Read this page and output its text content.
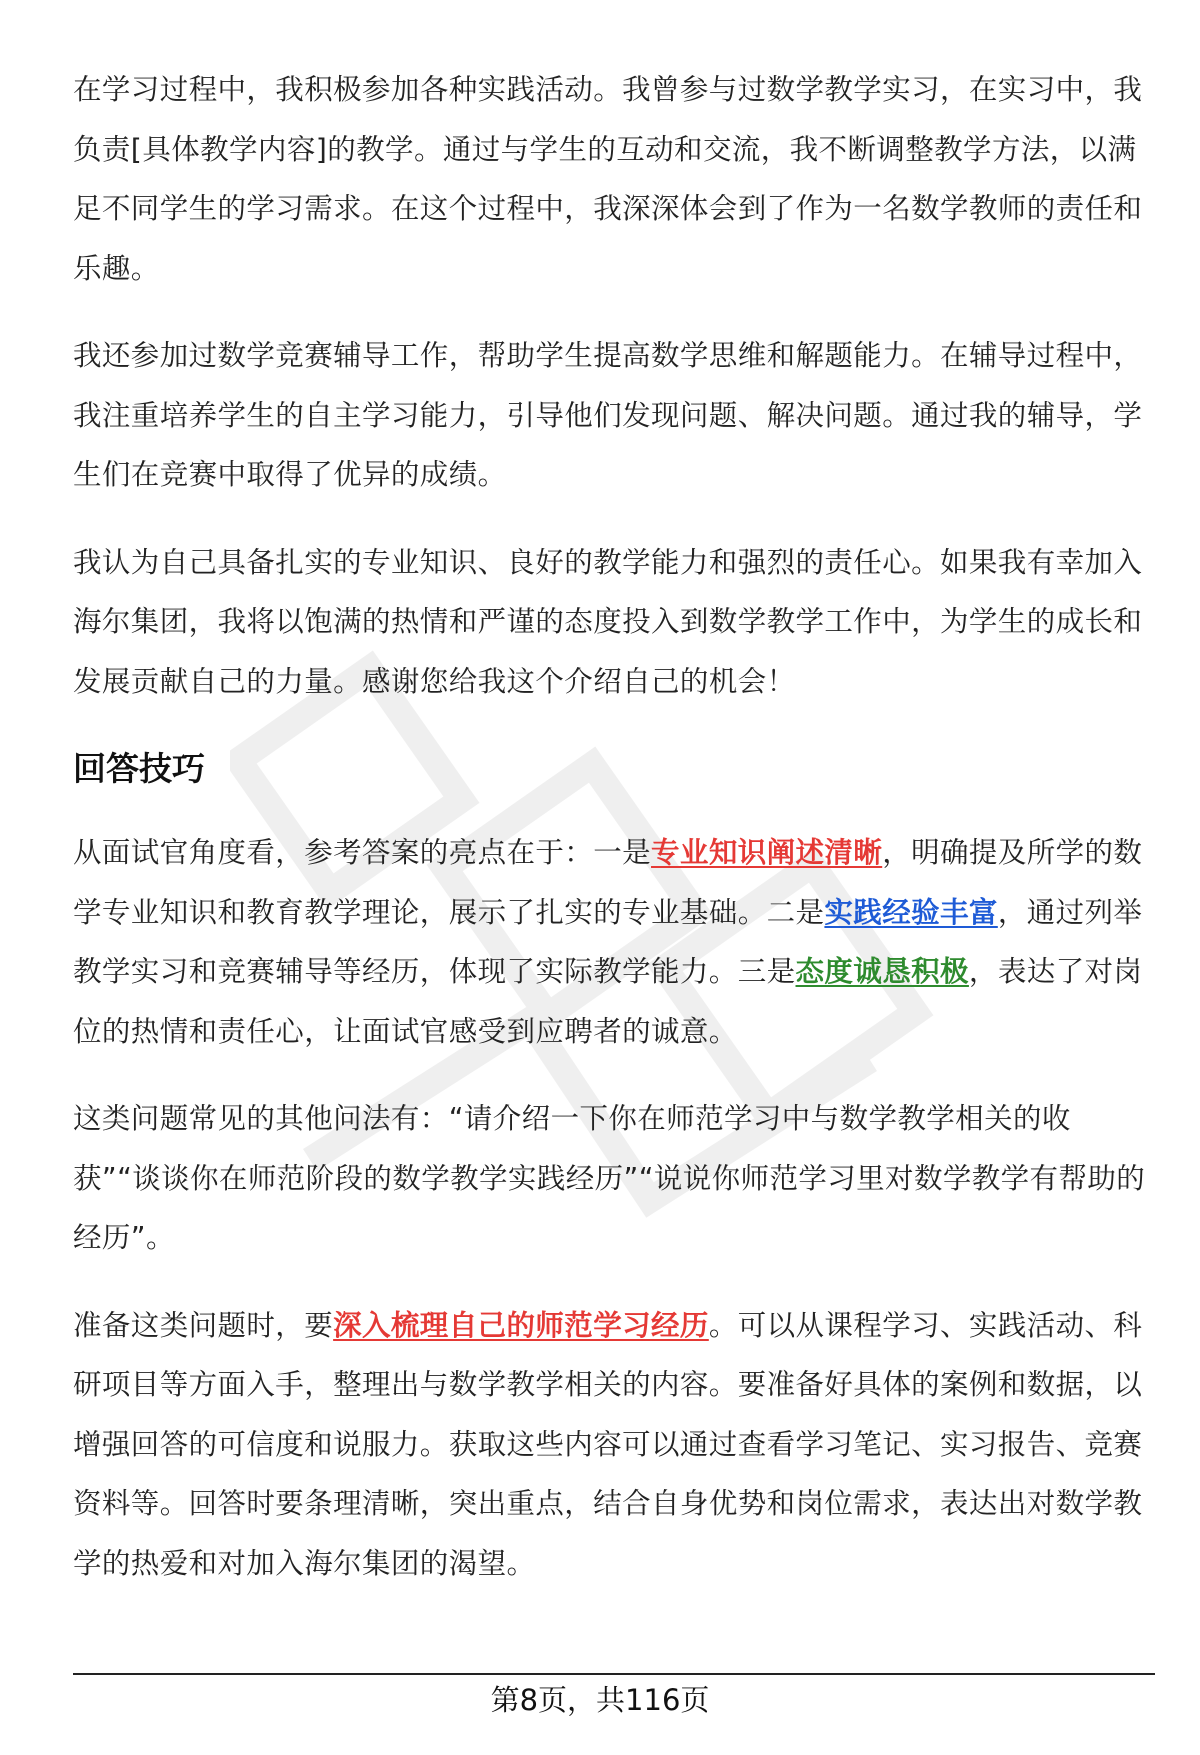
在学习过程中，我积极参加各种实践活动。我曾参与过数学教学实习，在实习中，我负责[具体教学内容]的教学。通过与学生的互动和交流，我不断调整教学方法，以满足不同学生的学习需求。在这个过程中，我深深体会到了作为一名数学教师的责任和乐趣。

我还参加过数学竞赛辅导工作，帮助学生提高数学思维和解题能力。在辅导过程中，我注重培养学生的自主学习能力，引导他们发现问题、解决问题。通过我的辅导，学生们在竞赛中取得了优异的成绩。

我认为自己具备扎实的专业知识、良好的教学能力和强烈的责任心。如果我有幸加入海尔集团，我将以饱满的热情和严谨的态度投入到数学教学工作中，为学生的成长和发展贡献自己的力量。感谢您给我这个介绍自己的机会！

回答技巧

从面试官角度看，参考答案的亮点在于：一是专业知识阐述清晰，明确提及所学的数学专业知识和教育教学理论，展示了扎实的专业基础。二是实践经验丰富，通过列举教学实习和竞赛辅导等经历，体现了实际教学能力。三是态度诚恳积极，表达了对岗位的热情和责任心，让面试官感受到应聘者的诚意。

这类问题常见的其他问法有：“请介绍一下你在师范学习中与数学教学相关的收获”“谈谈你在师范阶段的数学教学实践经历”“说说你师范学习里对数学教学有帮助的经历”。

准备这类问题时，要深入梳理自己的师范学习经历。可以从课程学习、实践活动、科研项目等方面入手，整理出与数学教学相关的内容。要准备好具体的案例和数据，以增强回答的可信度和说服力。获取这些内容可以通过查看学习笔记、实习报告、竞赛资料等。回答时要条理清晰，突出重点，结合自身优势和岗位需求，表达出对数学教学的热爱和对加入海尔集团的渴望。

第8页，共116页
